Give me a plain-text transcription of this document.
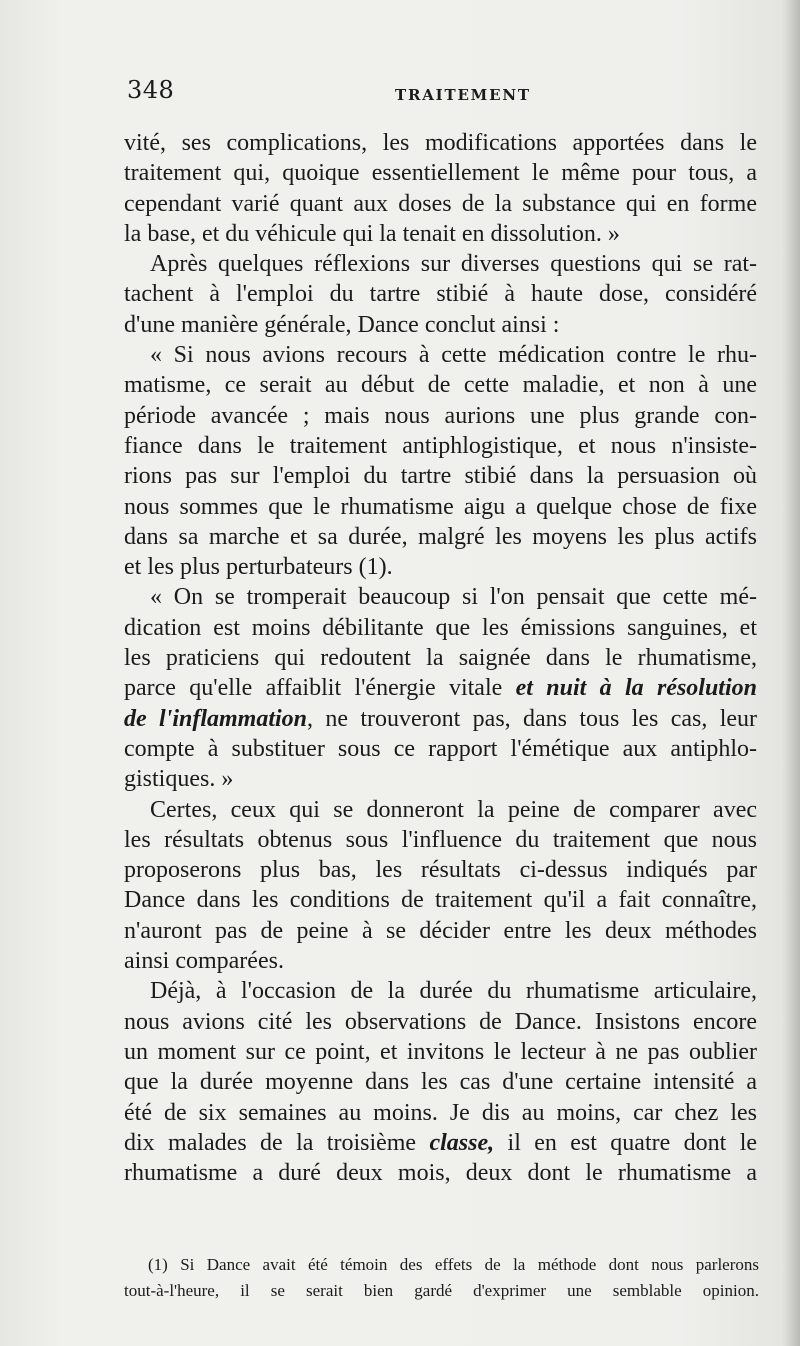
348	TRAITEMENT
vité, ses complications, les modifications apportées dans le
traitement qui, quoique essentiellement le même pour tous, a
cependant varié quant aux doses de la substance qui en forme
la base, et du véhicule qui la tenait en dissolution. »
Après quelques réflexions sur diverses questions qui se rat-
tachent à l'emploi du tartre stibié à haute dose, considéré
d'une manière générale, Dance conclut ainsi :
« Si nous avions recours à cette médication contre le rhu-
matisme, ce serait au début de cette maladie, et non à une
période avancée ; mais nous aurions une plus grande con-
fiance dans le traitement antiphlogistique, et nous n'insiste-
rions pas sur l'emploi du tartre stibié dans la persuasion où
nous sommes que le rhumatisme aigu a quelque chose de fixe
dans sa marche et sa durée, malgré les moyens les plus actifs
et les plus perturbateurs (1).
« On se tromperait beaucoup si l'on pensait que cette mé-
dication est moins débilitante que les émissions sanguines, et
les praticiens qui redoutent la saignée dans le rhumatisme,
parce qu'elle affaiblit l'énergie vitale et nuit à la résolution
de l'inflammation, ne trouveront pas, dans tous les cas, leur
compte à substituer sous ce rapport l'émétique aux antiphlo-
gistiques. »
Certes, ceux qui se donneront la peine de comparer avec
les résultats obtenus sous l'influence du traitement que nous
proposerons plus bas, les résultats ci-dessus indiqués par
Dance dans les conditions de traitement qu'il a fait connaître,
n'auront pas de peine à se décider entre les deux méthodes
ainsi comparées.
Déjà, à l'occasion de la durée du rhumatisme articulaire,
nous avions cité les observations de Dance. Insistons encore
un moment sur ce point, et invitons le lecteur à ne pas oublier
que la durée moyenne dans les cas d'une certaine intensité a
été de six semaines au moins. Je dis au moins, car chez les
dix malades de la troisième classe, il en est quatre dont le
rhumatisme a duré deux mois, deux dont le rhumatisme a
(1) Si Dance avait été témoin des effets de la méthode dont nous parlerons
tout-à-l'heure, il se serait bien gardé d'exprimer une semblable opinion.
